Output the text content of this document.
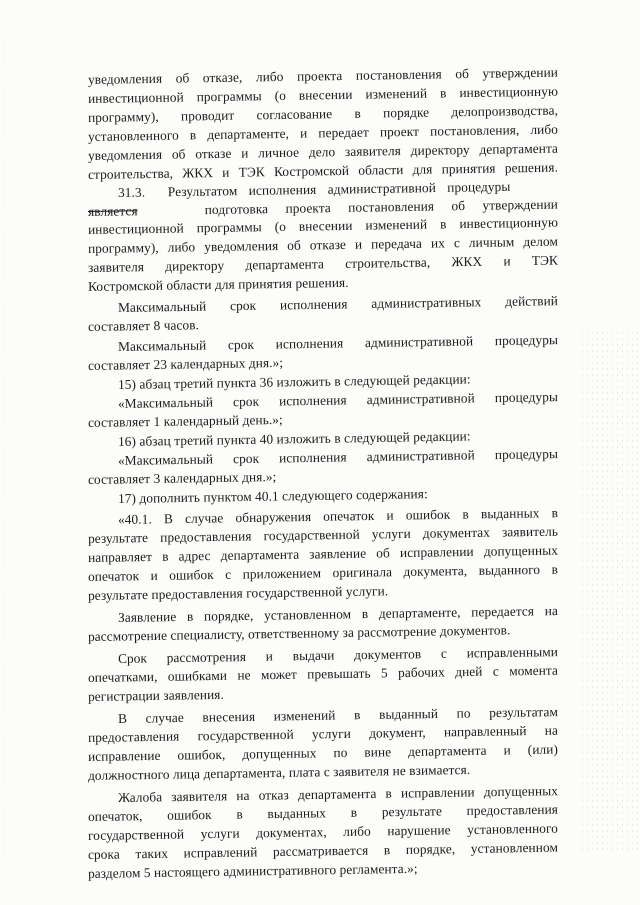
уведомления об отказе, либо проекта постановления об утверждении
инвестиционной программы (о внесении изменений в инвестиционную
программу), проводит согласование в порядке делопроизводства,
установленного в департаменте, и передает проект постановления, либо
уведомления об отказе и личное дело заявителя директору департамента
строительства, ЖКХ и ТЭК Костромской области для принятия решения.
31.3. Результатом исполнения административной процедуры
является	подготовка проекта постановления об утверждении
инвестиционной программы (о внесении изменений в инвестиционную
программу), либо уведомления об отказе и передача их с личным делом
заявителя директору департамента строительства, ЖКХ и ТЭК
Костромской области для принятия решения.
Максимальный срок исполнения административных действий
составляет 8 часов.
Максимальный срок исполнения административной процедуры
составляет 23 календарных дня.»;
15) абзац третий пункта 36 изложить в следующей редакции:
«Максимальный срок исполнения административной процедуры
составляет 1 календарный день.»;
16) абзац третий пункта 40 изложить в следующей редакции:
«Максимальный срок исполнения административной процедуры
составляет 3 календарных дня.»;
17) дополнить пунктом 40.1 следующего содержания:
«40.1. В случае обнаружения опечаток и ошибок в выданных в
результате предоставления государственной услуги документах заявитель
направляет в адрес департамента заявление об исправлении допущенных
опечаток и ошибок с приложением оригинала документа, выданного в
результате предоставления государственной услуги.
Заявление в порядке, установленном в департаменте, передается на
рассмотрение специалисту, ответственному за рассмотрение документов.
Срок рассмотрения и выдачи документов с исправленными
опечатками, ошибками не может превышать 5 рабочих дней с момента
регистрации заявления.
В случае внесения изменений в выданный по результатам
предоставления государственной услуги документ, направленный на
исправление ошибок, допущенных по вине департамента и (или)
должностного лица департамента, плата с заявителя не взимается.
Жалоба заявителя на отказ департамента в исправлении допущенных
опечаток, ошибок в выданных в результате предоставления
государственной услуги документах, либо нарушение установленного
срока таких исправлений рассматривается в порядке, установленном
разделом 5 настоящего административного регламента.»;
